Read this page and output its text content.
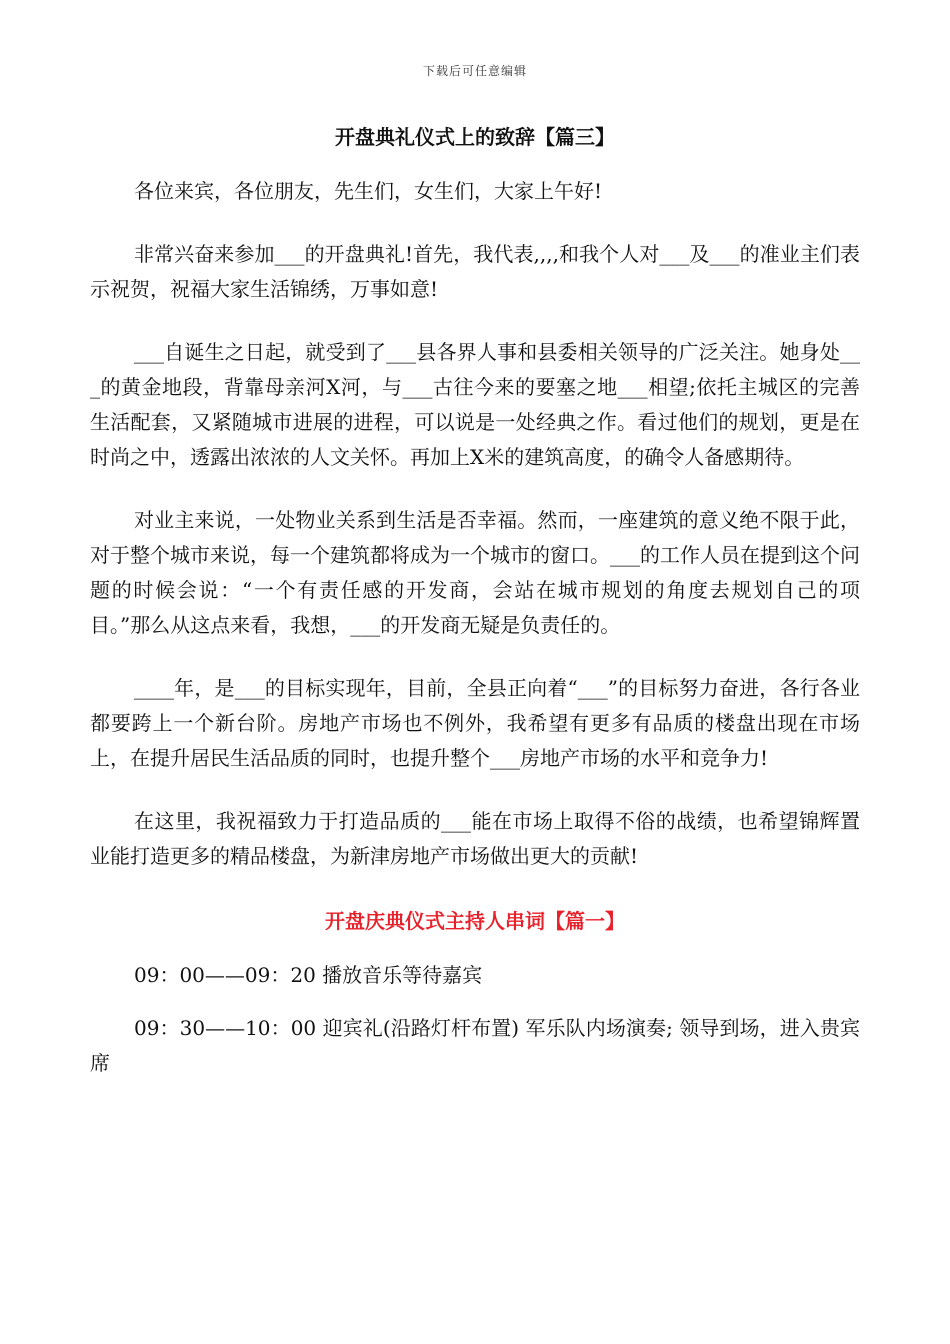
下载后可任意编辑
开盘典礼仪式上的致辞【篇三】

各位来宾，各位朋友，先生们，女生们，大家上午好!

非常兴奋来参加___的开盘典礼!首先，我代表,,,,和我个人对___及___的准业主们表示祝贺，祝福大家生活锦绣，万事如意!

___自诞生之日起，就受到了___县各界人事和县委相关领导的广泛关注。她身处___的黄金地段，背靠母亲河X河，与___古往今来的要塞之地___相望;依托主城区的完善生活配套，又紧随城市进展的进程，可以说是一处经典之作。看过他们的规划，更是在时尚之中，透露出浓浓的人文关怀。再加上X米的建筑高度，的确令人备感期待。

对业主来说，一处物业关系到生活是否幸福。然而，一座建筑的意义绝不限于此，对于整个城市来说，每一个建筑都将成为一个城市的窗口。___的工作人员在提到这个问题的时候会说：“一个有责任感的开发商，会站在城市规划的角度去规划自己的项目。”那么从这点来看，我想，___的开发商无疑是负责任的。

____年，是___的目标实现年，目前，全县正向着“___”的目标努力奋进，各行各业都要跨上一个新台阶。房地产市场也不例外，我希望有更多有品质的楼盘出现在市场上，在提升居民生活品质的同时，也提升整个___房地产市场的水平和竞争力!

在这里，我祝福致力于打造品质的___能在市场上取得不俗的战绩，也希望锦辉置业能打造更多的精品楼盘，为新津房地产市场做出更大的贡献!

开盘庆典仪式主持人串词【篇一】

09：00——09：20 播放音乐等待嘉宾

09：30——10：00 迎宾礼(沿路灯杆布置) 军乐队内场演奏; 领导到场，进入贵宾席
